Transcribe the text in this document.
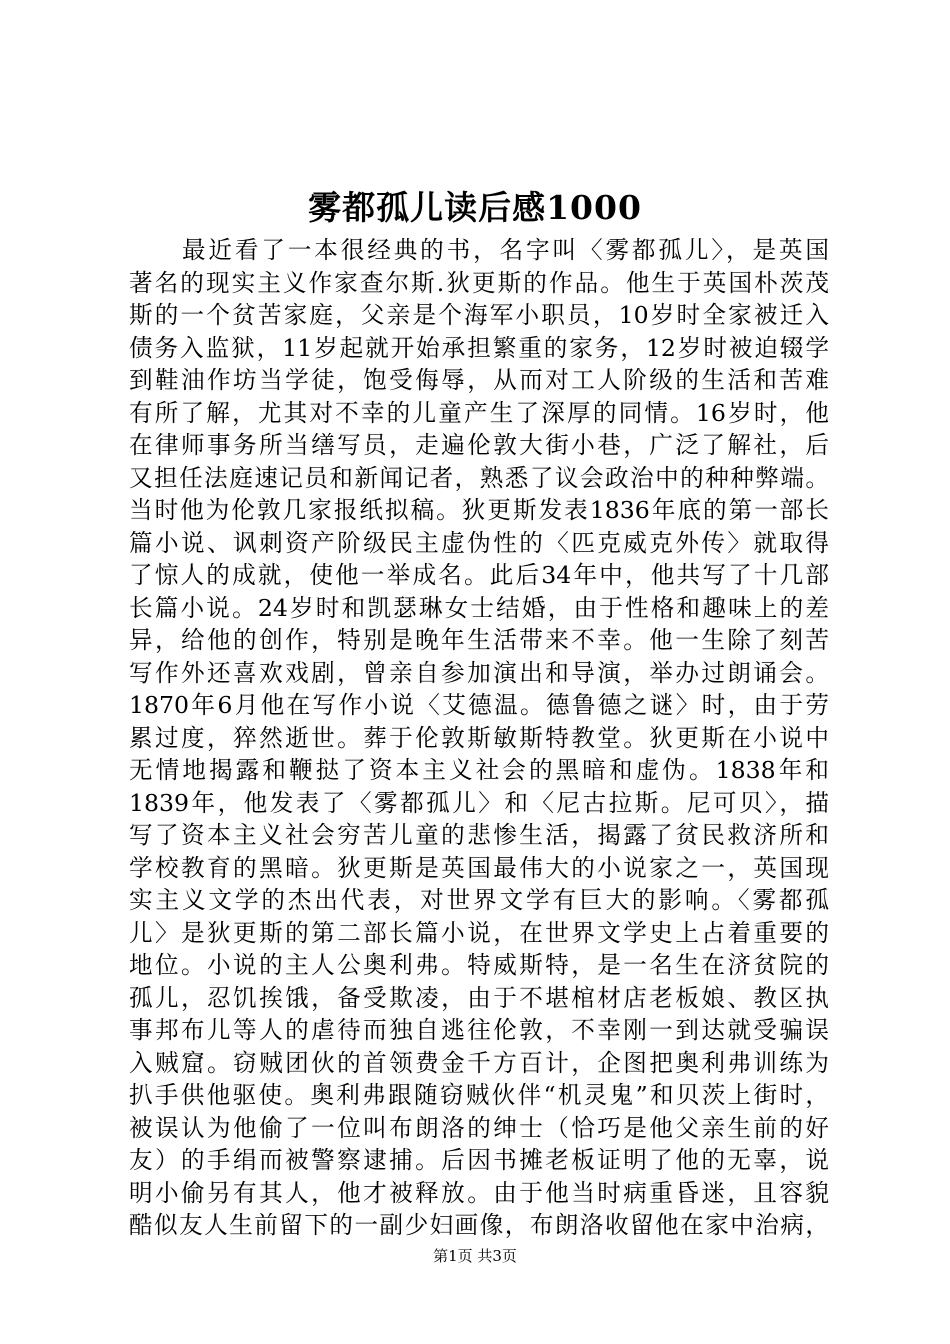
雾都孤儿读后感1000
　　最近看了一本很经典的书，名字叫〈雾都孤儿〉，是英国
著名的现实主义作家查尔斯.狄更斯的作品。他生于英国朴茨茂
斯的一个贫苦家庭，父亲是个海军小职员，10岁时全家被迁入
债务入监狱，11岁起就开始承担繁重的家务，12岁时被迫辍学
到鞋油作坊当学徒，饱受侮辱，从而对工人阶级的生活和苦难
有所了解，尤其对不幸的儿童产生了深厚的同情。16岁时，他
在律师事务所当缮写员，走遍伦敦大街小巷，广泛了解社，后
又担任法庭速记员和新闻记者，熟悉了议会政治中的种种弊端。
当时他为伦敦几家报纸拟稿。狄更斯发表1836年底的第一部长
篇小说、讽刺资产阶级民主虚伪性的〈匹克威克外传〉就取得
了惊人的成就，使他一举成名。此后34年中，他共写了十几部
长篇小说。24岁时和凯瑟琳女士结婚，由于性格和趣味上的差
异，给他的创作，特别是晚年生活带来不幸。他一生除了刻苦
写作外还喜欢戏剧，曾亲自参加演出和导演，举办过朗诵会。
1870年6月他在写作小说〈艾德温。德鲁德之谜〉时，由于劳
累过度，猝然逝世。葬于伦敦斯敏斯特教堂。狄更斯在小说中
无情地揭露和鞭挞了资本主义社会的黑暗和虚伪。1838年和
1839年，他发表了〈雾都孤儿〉和〈尼古拉斯。尼可贝〉，描
写了资本主义社会穷苦儿童的悲惨生活，揭露了贫民救济所和
学校教育的黑暗。狄更斯是英国最伟大的小说家之一，英国现
实主义文学的杰出代表，对世界文学有巨大的影响。〈雾都孤
儿〉是狄更斯的第二部长篇小说，在世界文学史上占着重要的
地位。小说的主人公奥利弗。特威斯特，是一名生在济贫院的
孤儿，忍饥挨饿，备受欺凌，由于不堪棺材店老板娘、教区执
事邦布儿等人的虐待而独自逃往伦敦，不幸刚一到达就受骗误
入贼窟。窃贼团伙的首领费金千方百计，企图把奥利弗训练为
扒手供他驱使。奥利弗跟随窃贼伙伴“机灵鬼”和贝茨上街时，
被误认为他偷了一位叫布朗洛的绅士（恰巧是他父亲生前的好
友）的手绢而被警察逮捕。后因书摊老板证明了他的无辜，说
明小偷另有其人，他才被释放。由于他当时病重昏迷，且容貌
酷似友人生前留下的一副少妇画像，布朗洛收留他在家中治病，
第1页 共3页
